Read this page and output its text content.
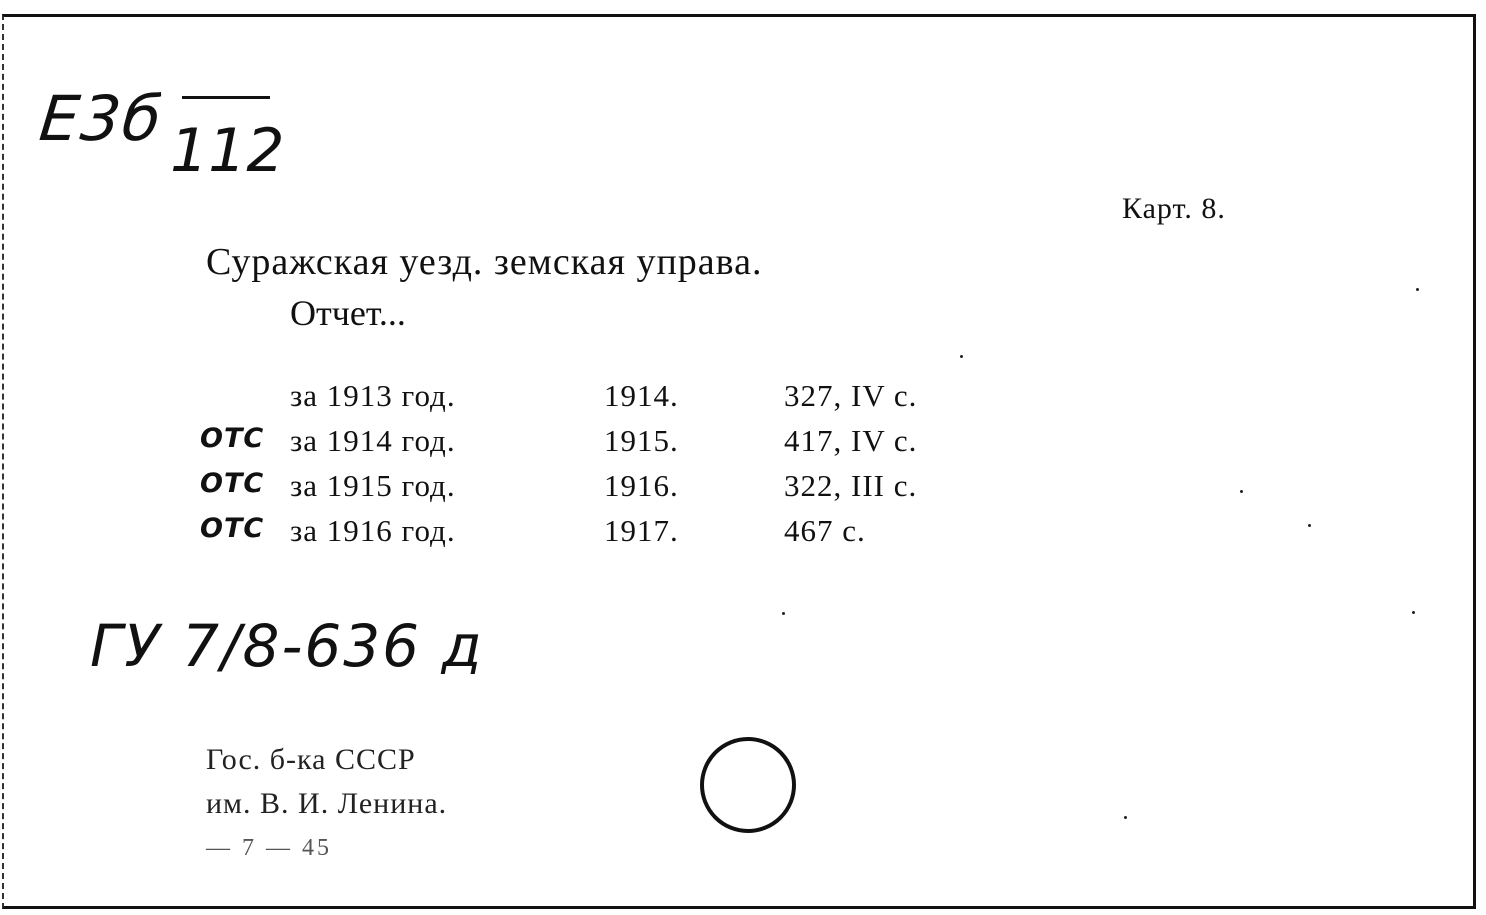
Е3б 112
Карт. 8.
Суражская уезд. земская управа.
Отчет...
за 1913 год.	1914.	327, IV с.
ОТС за 1914 год.	1915.	417, IV с.
ОТС за 1915 год.	1916.	322, III с.
ОТС за 1916 год.	1917.	467 с.
ГУ 7/8-636 д
Гос. б-ка СССР
им. В. И. Ленина.
— 7 — 45
